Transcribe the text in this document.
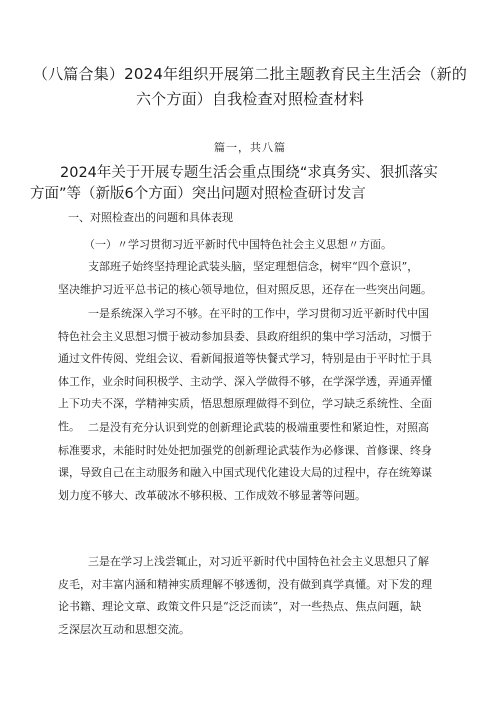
（八篇合集）2024年组织开展第二批主题教育民主生活会（新的
六个方面）自我检查对照检查材料

篇一，共八篇

2024年关于开展专题生活会重点围绕“求真务实、狠抓落实
方面”等（新版6个方面）突出问题对照检查研讨发言

一、对照检查出的问题和具体表现

（一）〃学习贯彻习近平新时代中国特色社会主义思想〃方面。

支部班子始终坚持理论武装头脑，坚定理想信念，树牢“四个意识”，
坚决维护习近平总书记的核心领导地位，但对照反思，还存在一些突出问题。
一是系统深入学习不够。在平时的工作中，学习贯彻习近平新时代中国
特色社会主义思想习惯于被动参加县委、县政府组织的集中学习活动，习惯于
通过文件传阅、党组会议、看新闻报道等快餐式学习，特别是由于平时忙于具
体工作，业余时间积极学、主动学、深入学做得不够，在学深学透，弄通弄懂
上下功夫不深，学精神实质，悟思想原理做得不到位，学习缺乏系统性、全面
性。 二是没有充分认识到党的创新理论武装的极端重要性和紧迫性，对照高
标准要求，未能时时处处把加强党的创新理论武装作为必修课、首修课、终身
课，导致自己在主动服务和融入中国式现代化建设大局的过程中，存在统筹谋
划力度不够大、改革破冰不够积极、工作成效不够显著等问题。
三是在学习上浅尝辄止，对习近平新时代中国特色社会主义思想只了解
皮毛，对丰富内涵和精神实质理解不够透彻，没有做到真学真懂。对下发的理
论书籍、理论文章、政策文件只是“泛泛而读”，对一些热点、焦点问题，缺
乏深层次互动和思想交流。
